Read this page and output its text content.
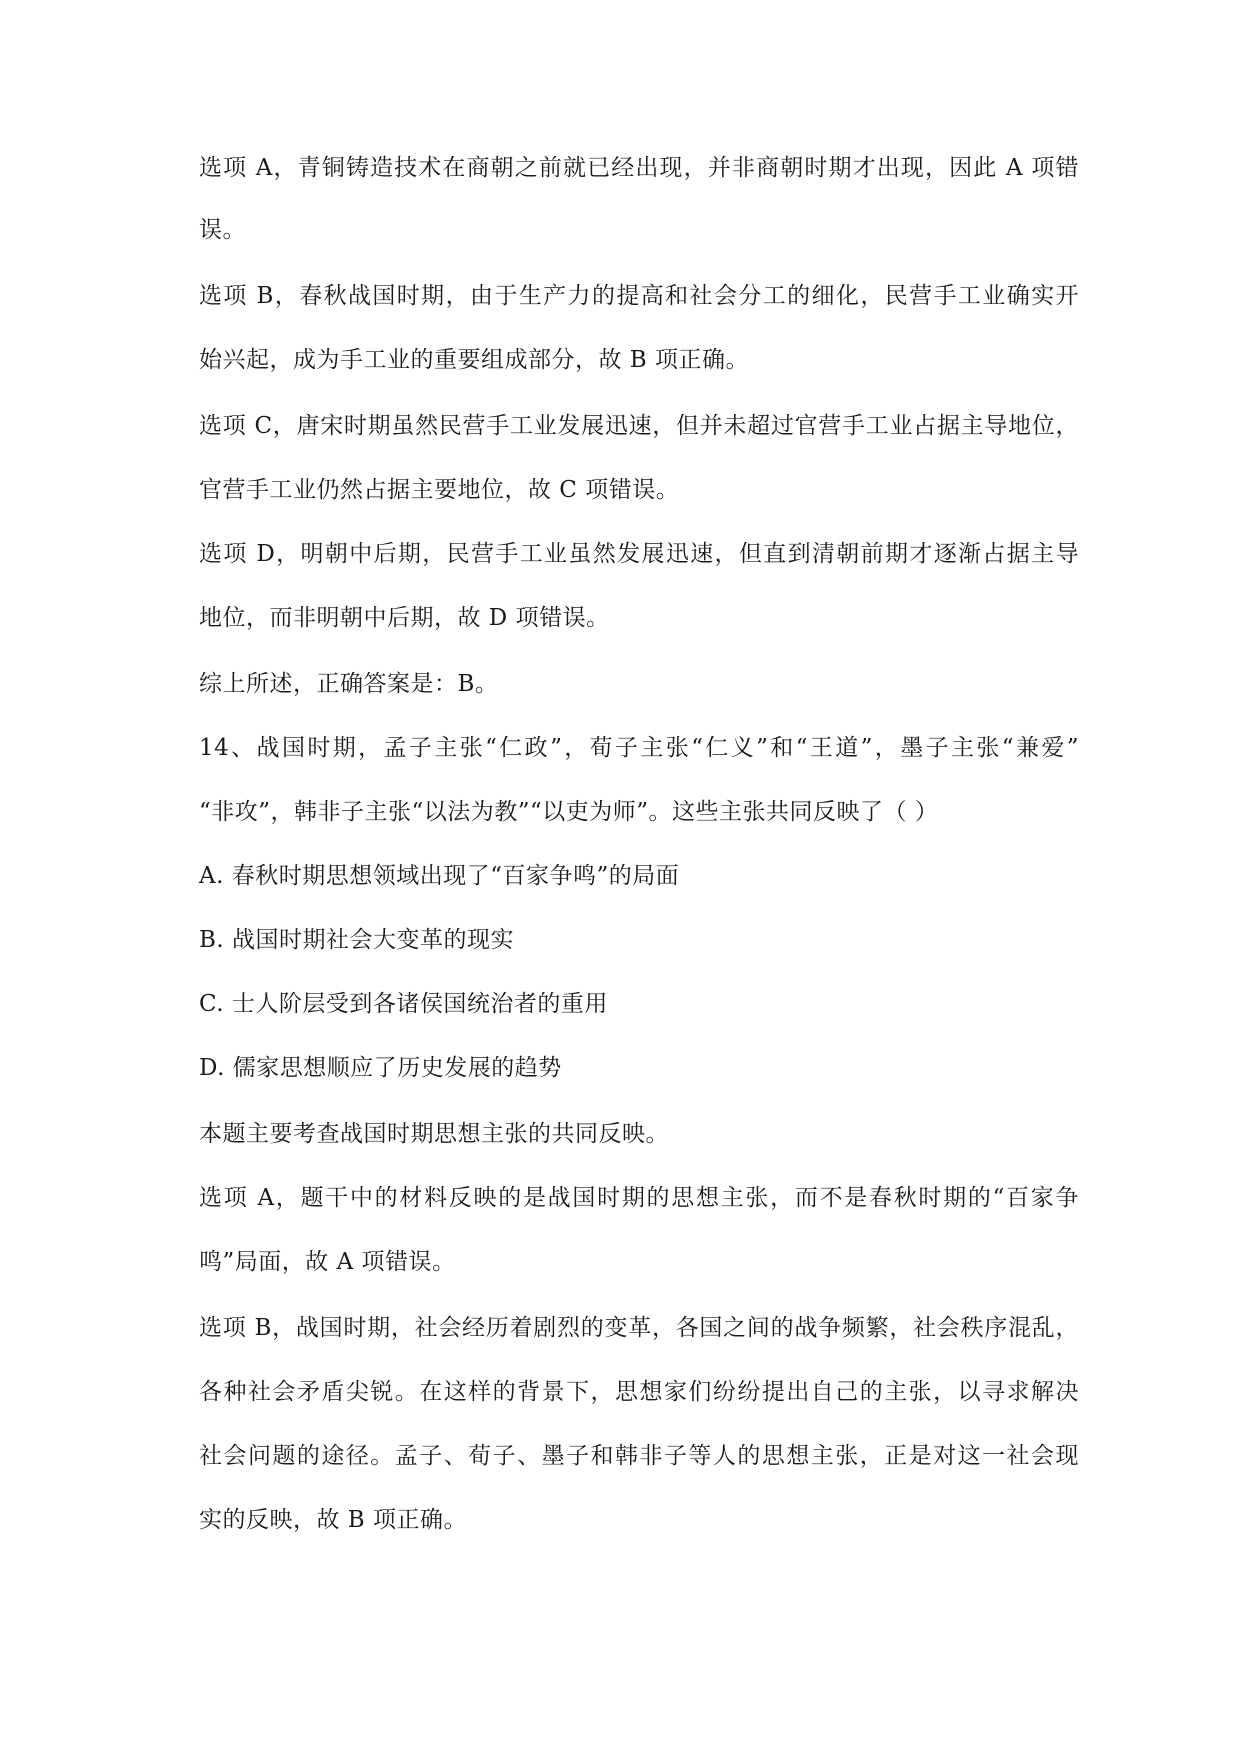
选项 A，青铜铸造技术在商朝之前就已经出现，并非商朝时期才出现，因此 A 项错
误。
选项 B，春秋战国时期，由于生产力的提高和社会分工的细化，民营手工业确实开
始兴起，成为手工业的重要组成部分，故 B 项正确。
选项 C，唐宋时期虽然民营手工业发展迅速，但并未超过官营手工业占据主导地位，
官营手工业仍然占据主要地位，故 C 项错误。
选项 D，明朝中后期，民营手工业虽然发展迅速，但直到清朝前期才逐渐占据主导
地位，而非明朝中后期，故 D 项错误。
综上所述，正确答案是：B。
14、战国时期，孟子主张“仁政”，荀子主张“仁义”和“王道”，墨子主张“兼爱”
“非攻”，韩非子主张“以法为教”“以吏为师”。这些主张共同反映了（ ）
A. 春秋时期思想领域出现了“百家争鸣”的局面
B. 战国时期社会大变革的现实
C. 士人阶层受到各诸侯国统治者的重用
D. 儒家思想顺应了历史发展的趋势
本题主要考查战国时期思想主张的共同反映。
选项 A，题干中的材料反映的是战国时期的思想主张，而不是春秋时期的“百家争
鸣”局面，故 A 项错误。
选项 B，战国时期，社会经历着剧烈的变革，各国之间的战争频繁，社会秩序混乱，
各种社会矛盾尖锐。在这样的背景下，思想家们纷纷提出自己的主张，以寻求解决
社会问题的途径。孟子、荀子、墨子和韩非子等人的思想主张，正是对这一社会现
实的反映，故 B 项正确。
